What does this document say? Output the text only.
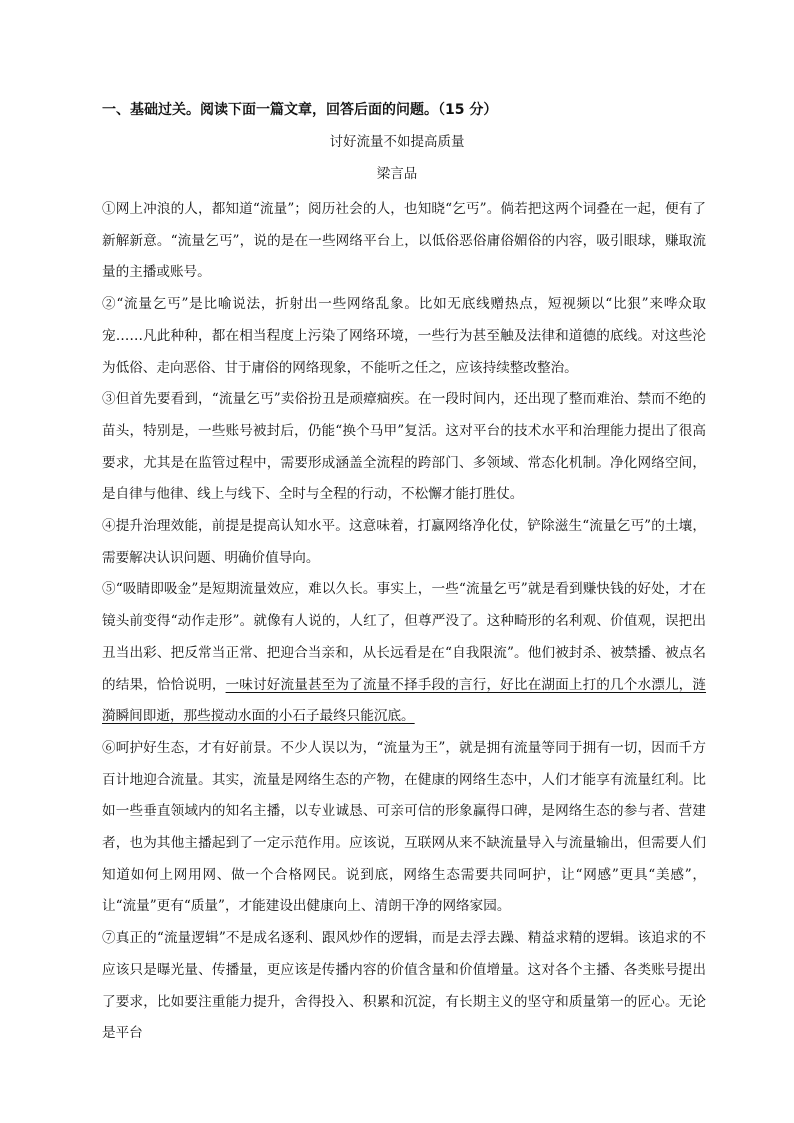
一、基础过关。阅读下面一篇文章，回答后面的问题。（15 分）
讨好流量不如提高质量
梁言品

①网上冲浪的人，都知道“流量”；阅历社会的人，也知晓“乞丐”。倘若把这两个词叠在一起，便有了新解新意。“流量乞丐”，说的是在一些网络平台上，以低俗恶俗庸俗媚俗的内容，吸引眼球，赚取流量的主播或账号。

②“流量乞丐”是比喻说法，折射出一些网络乱象。比如无底线赠热点，短视频以“比狠”来哗众取宠……凡此种种，都在相当程度上污染了网络环境，一些行为甚至触及法律和道德的底线。对这些沦为低俗、走向恶俗、甘于庸俗的网络现象，不能听之任之，应该持续整改整治。

③但首先要看到，“流量乞丐”卖俗扮丑是顽瘴痼疾。在一段时间内，还出现了整而难治、禁而不绝的苗头，特别是，一些账号被封后，仍能“换个马甲”复活。这对平台的技术水平和治理能力提出了很高要求，尤其是在监管过程中，需要形成涵盖全流程的跨部门、多领域、常态化机制。净化网络空间，是自律与他律、线上与线下、全时与全程的行动，不松懈才能打胜仗。

④提升治理效能，前提是提高认知水平。这意味着，打赢网络净化仗，铲除滋生“流量乞丐”的土壤，需要解决认识问题、明确价值导向。

⑤“吸睛即吸金”是短期流量效应，难以久长。事实上，一些“流量乞丐”就是看到赚快钱的好处，才在镜头前变得“动作走形”。就像有人说的，人红了，但尊严没了。这种畸形的名利观、价值观，误把出丑当出彩、把反常当正常、把迎合当亲和，从长远看是在“自我限流”。他们被封杀、被禁播、被点名的结果，恰恰说明，一味讨好流量甚至为了流量不择手段的言行，好比在湖面上打的几个水漂儿，涟漪瞬间即逝，那些搅动水面的小石子最终只能沉底。

⑥呵护好生态，才有好前景。不少人误以为，“流量为王”，就是拥有流量等同于拥有一切，因而千方百计地迎合流量。其实，流量是网络生态的产物，在健康的网络生态中，人们才能享有流量红利。比如一些垂直领域内的知名主播，以专业诚恳、可亲可信的形象赢得口碑，是网络生态的参与者、营建者，也为其他主播起到了一定示范作用。应该说，互联网从来不缺流量导入与流量输出，但需要人们知道如何上网用网、做一个合格网民。说到底，网络生态需要共同呵护，让“网感”更具“美感”，让“流量”更有“质量”，才能建设出健康向上、清朗干净的网络家园。

⑦真正的“流量逻辑”不是成名逐利、跟风炒作的逻辑，而是去浮去躁、精益求精的逻辑。该追求的不应该只是曝光量、传播量，更应该是传播内容的价值含量和价值增量。这对各个主播、各类账号提出了要求，比如要注重能力提升，舍得投入、积累和沉淀，有长期主义的坚守和质量第一的匠心。无论是平台
